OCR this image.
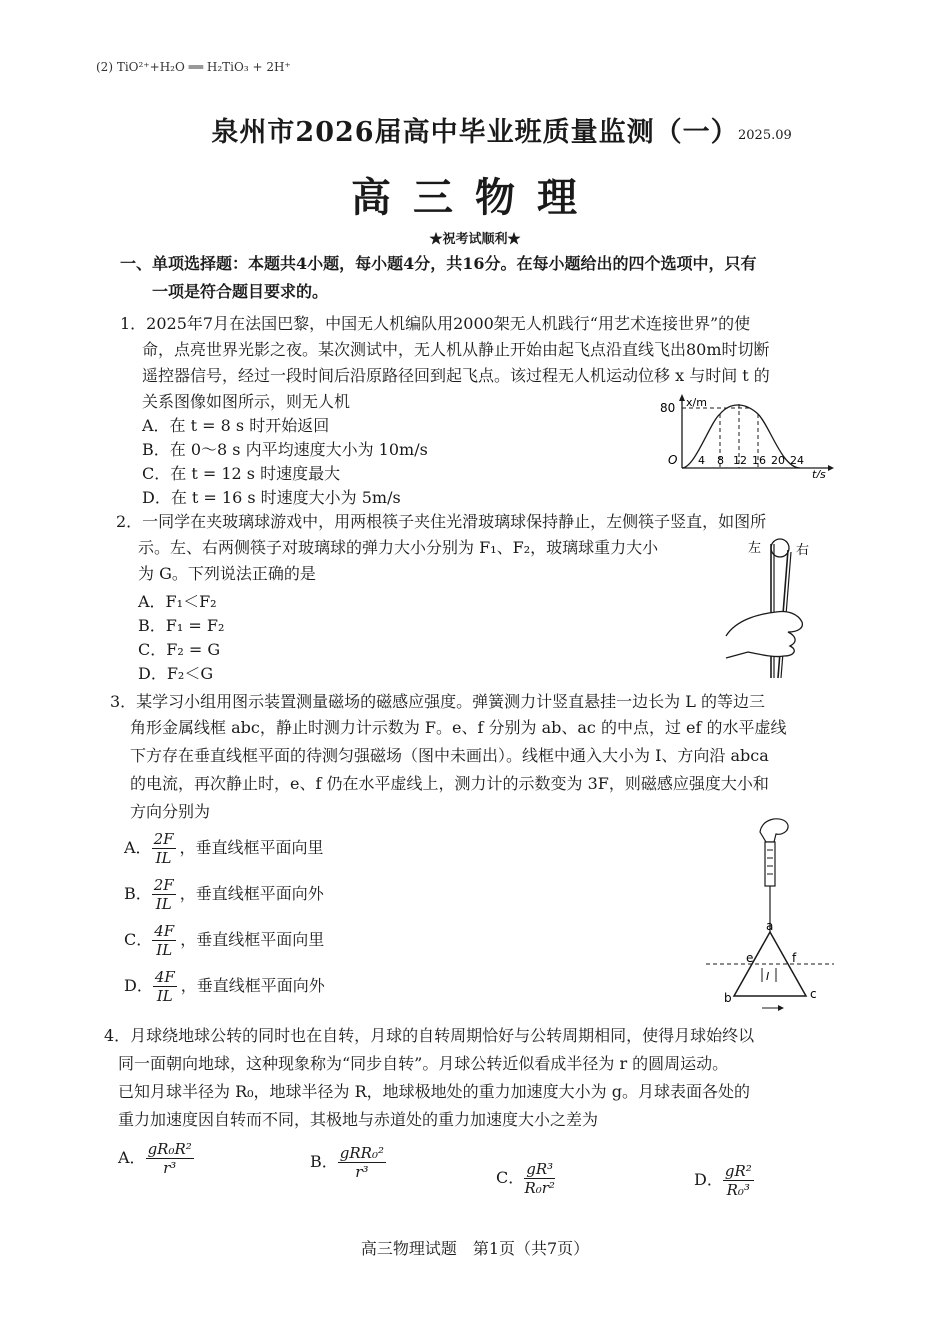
(2) TiO²⁺+H₂O ══ H₂TiO₃ + 2H⁺
泉州市2026届高中毕业班质量监测（一） 2025.09
高三物理
★祝考试顺利★
一、单项选择题：本题共4小题，每小题4分，共16分。在每小题给出的四个选项中，只有
一项是符合题目要求的。
1．2025年7月在法国巴黎，中国无人机编队用2000架无人机践行“用艺术连接世界”的使
命，点亮世界光影之夜。某次测试中，无人机从静止开始由起飞点沿直线飞出80m时切断
遥控器信号，经过一段时间后沿原路径回到起飞点。该过程无人机运动位移 x 与时间 t 的
关系图像如图所示，则无人机
A．在 t = 8 s 时开始返回
B．在 0～8 s 内平均速度大小为 10m/s
C．在 t = 12 s 时速度最大
D．在 t = 16 s 时速度大小为 5m/s
x/m
80
O 4 8 12 16 20 24
t/s
2．一同学在夹玻璃球游戏中，用两根筷子夹住光滑玻璃球保持静止，左侧筷子竖直，如图所
示。左、右两侧筷子对玻璃球的弹力大小分别为 F₁、F₂，玻璃球重力大小
为 G。下列说法正确的是
A．F₁＜F₂
B．F₁ = F₂
C．F₂ = G
D．F₂＜G
左	右
3．某学习小组用图示装置测量磁场的磁感应强度。弹簧测力计竖直悬挂一边长为 L 的等边三
角形金属线框 abc，静止时测力计示数为 F。e、f 分别为 ab、ac 的中点，过 ef 的水平虚线
下方存在垂直线框平面的待测匀强磁场（图中未画出）。线框中通入大小为 I、方向沿 abca
的电流，再次静止时，e、f 仍在水平虚线上，测力计的示数变为 3F，则磁感应强度大小和
方向分别为
A． $\frac{2F}{IL}$ ，垂直线框平面向里
B． $\frac{2F}{IL}$ ，垂直线框平面向外
C． $\frac{4F}{IL}$ ，垂直线框平面向里
D． $\frac{4F}{IL}$ ，垂直线框平面向外
a
e	f
b	c
I
4．月球绕地球公转的同时也在自转，月球的自转周期恰好与公转周期相同，使得月球始终以
同一面朝向地球，这种现象称为“同步自转”。月球公转近似看成半径为 r 的圆周运动。
已知月球半径为 R₀，地球半径为 R，地球极地处的重力加速度大小为 g。月球表面各处的
重力加速度因自转而不同，其极地与赤道处的重力加速度大小之差为
A． $\frac{\text{gR₀R²}}{\text{r³}}$	B． $\frac{\text{gRR₀²}}{\text{r³}}$	C． $\frac{\text{gR³}}{\text{R₀r²}}$	D． $\frac{\text{gR²}}{\text{R₀³}}$
高三物理试题　第1页（共7页）
